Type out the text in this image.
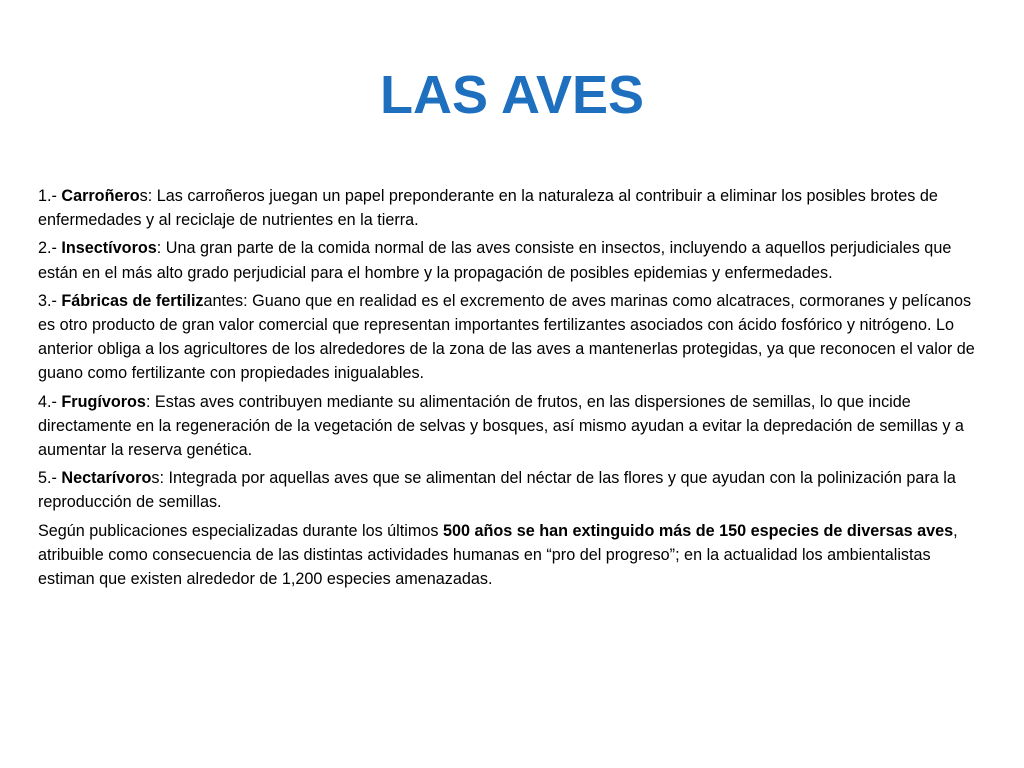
LAS AVES

1.- Carroñeros: Las carroñeros juegan un papel preponderante en la naturaleza al contribuir a eliminar los posibles brotes de enfermedades y al reciclaje de nutrientes en la tierra.

2.- Insectívoros: Una gran parte de la comida normal de las aves consiste en insectos, incluyendo a aquellos perjudiciales que están en el más alto grado perjudicial para el hombre y la propagación de posibles epidemias y enfermedades.

3.- Fábricas de fertilizantes: Guano que en realidad es el excremento de aves marinas como alcatraces, cormoranes y pelícanos es otro producto de gran valor comercial que representan importantes fertilizantes asociados con ácido fosfórico y nitrógeno. Lo anterior obliga a los agricultores de los alrededores de la zona de las aves a mantenerlas protegidas, ya que reconocen el valor de guano como fertilizante con propiedades inigualables.

4.- Frugívoros: Estas aves contribuyen mediante su alimentación de frutos, en las dispersiones de semillas, lo que incide directamente en la regeneración de la vegetación de selvas y bosques, así mismo ayudan a evitar la depredación de semillas y a aumentar la reserva genética.

5.- Nectarívoros: Integrada por aquellas aves que se alimentan del néctar de las flores y que ayudan con la polinización para la reproducción de semillas.

Según publicaciones especializadas durante los últimos 500 años se han extinguido más de 150 especies de diversas aves, atribuible como consecuencia de las distintas actividades humanas en “pro del progreso”; en la actualidad los ambientalistas estiman que existen alrededor de 1,200 especies amenazadas.
